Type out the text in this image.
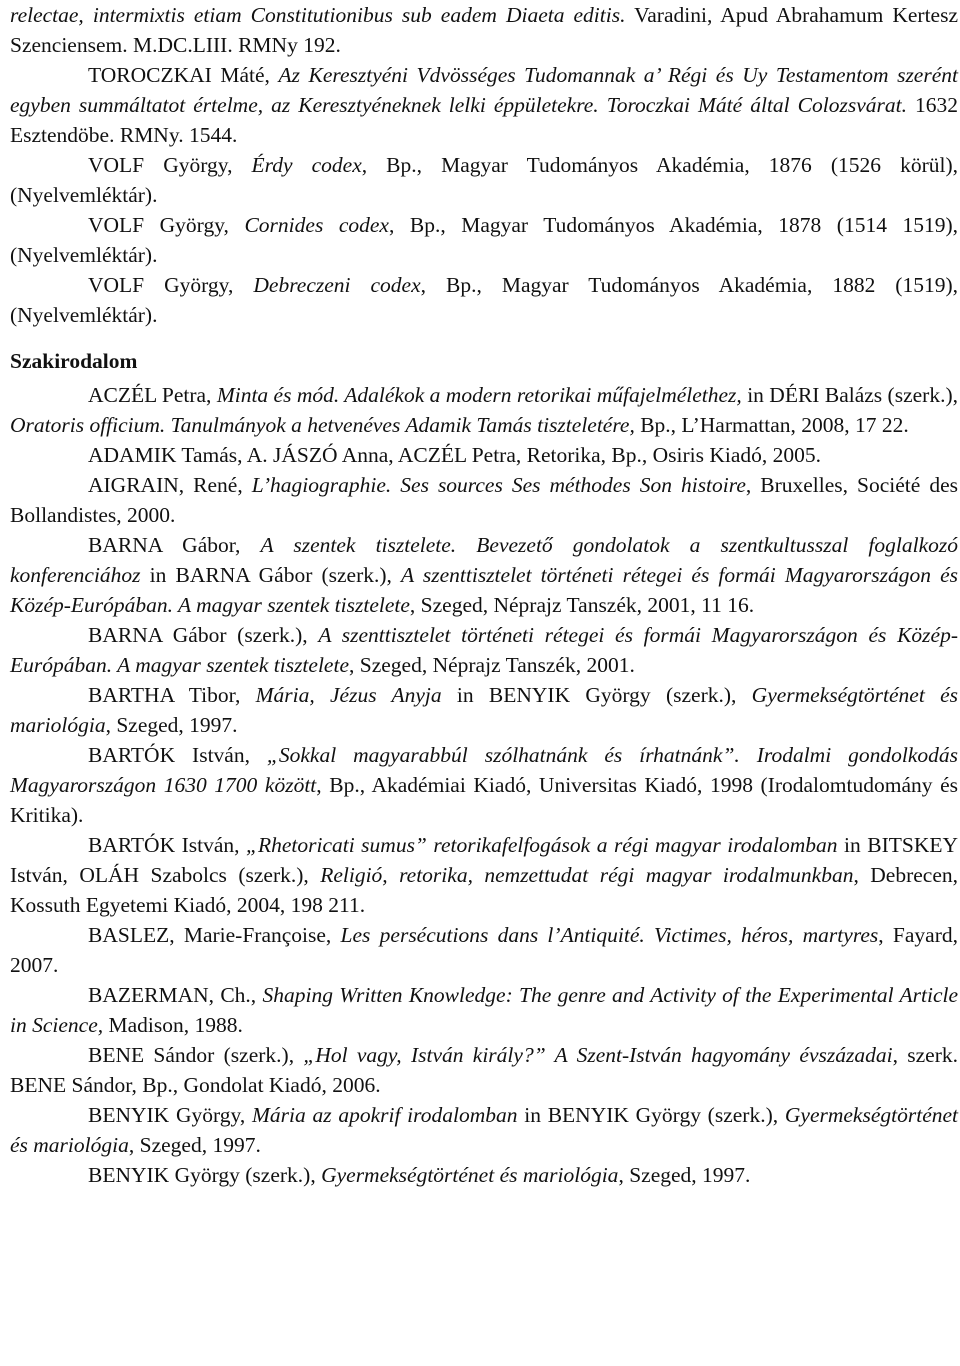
relectae, intermixtis etiam Constitutionibus sub eadem Diaeta editis. Varadini, Apud Abrahamum Kertesz Szenciensem. M.DC.LIII. RMNy 192.

TOROCZKAI Máté, Az Keresztyéni Vdvösséges Tudomannak a’ Régi és Uy Testamentom szerént egyben summáltatot értelme, az Keresztyéneknek lelki éppületekre. Toroczkai Máté által Colozsvárat. 1632 Esztendöbe. RMNy. 1544.

VOLF György, Érdy codex, Bp., Magyar Tudományos Akadémia, 1876 (1526 körül), (Nyelvemléktár).

VOLF György, Cornides codex, Bp., Magyar Tudományos Akadémia, 1878 (1514 1519), (Nyelvemléktár).

VOLF György, Debreczeni codex, Bp., Magyar Tudományos Akadémia, 1882 (1519), (Nyelvemléktár).

Szakirodalom

ACZÉL Petra, Minta és mód. Adalékok a modern retorikai műfajelmélethez, in DÉRI Balázs (szerk.), Oratoris officium. Tanulmányok a hetvenéves Adamik Tamás tiszteletére, Bp., L’Harmattan, 2008, 17 22.

ADAMIK Tamás, A. JÁSZÓ Anna, ACZÉL Petra, Retorika, Bp., Osiris Kiadó, 2005.

AIGRAIN, René, L’hagiographie. Ses sources Ses méthodes Son histoire, Bruxelles, Société des Bollandistes, 2000.

BARNA Gábor, A szentek tisztelete. Bevezető gondolatok a szentkultusszal foglalkozó konferenciához in BARNA Gábor (szerk.), A szenttisztelet történeti rétegei és formái Magyarországon és Közép-Európában. A magyar szentek tisztelete, Szeged, Néprajz Tanszék, 2001, 11 16.

BARNA Gábor (szerk.), A szenttisztelet történeti rétegei és formái Magyarországon és Közép-Európában. A magyar szentek tisztelete, Szeged, Néprajz Tanszék, 2001.

BARTHA Tibor, Mária, Jézus Anyja in BENYIK György (szerk.), Gyermekségtörténet és mariológia, Szeged, 1997.

BARTÓK István, „Sokkal magyarabbúl szólhatnánk és írhatnánk”. Irodalmi gondolkodás Magyarországon 1630 1700 között, Bp., Akadémiai Kiadó, Universitas Kiadó, 1998 (Irodalomtudomány és Kritika).

BARTÓK István, „Rhetoricati sumus” retorikafelfogások a régi magyar irodalomban in BITSKEY István, OLÁH Szabolcs (szerk.), Religió, retorika, nemzettudat régi magyar irodalmunkban, Debrecen, Kossuth Egyetemi Kiadó, 2004, 198 211.

BASLEZ, Marie-Françoise, Les persécutions dans l’Antiquité. Victimes, héros, martyres, Fayard, 2007.

BAZERMAN, Ch., Shaping Written Knowledge: The genre and Activity of the Experimental Article in Science, Madison, 1988.

BENE Sándor (szerk.), „Hol vagy, István király?” A Szent-István hagyomány évszázadai, szerk. BENE Sándor, Bp., Gondolat Kiadó, 2006.

BENYIK György, Mária az apokrif irodalomban in BENYIK György (szerk.), Gyermekségtörténet és mariológia, Szeged, 1997.

BENYIK György (szerk.), Gyermekségtörténet és mariológia, Szeged, 1997.
